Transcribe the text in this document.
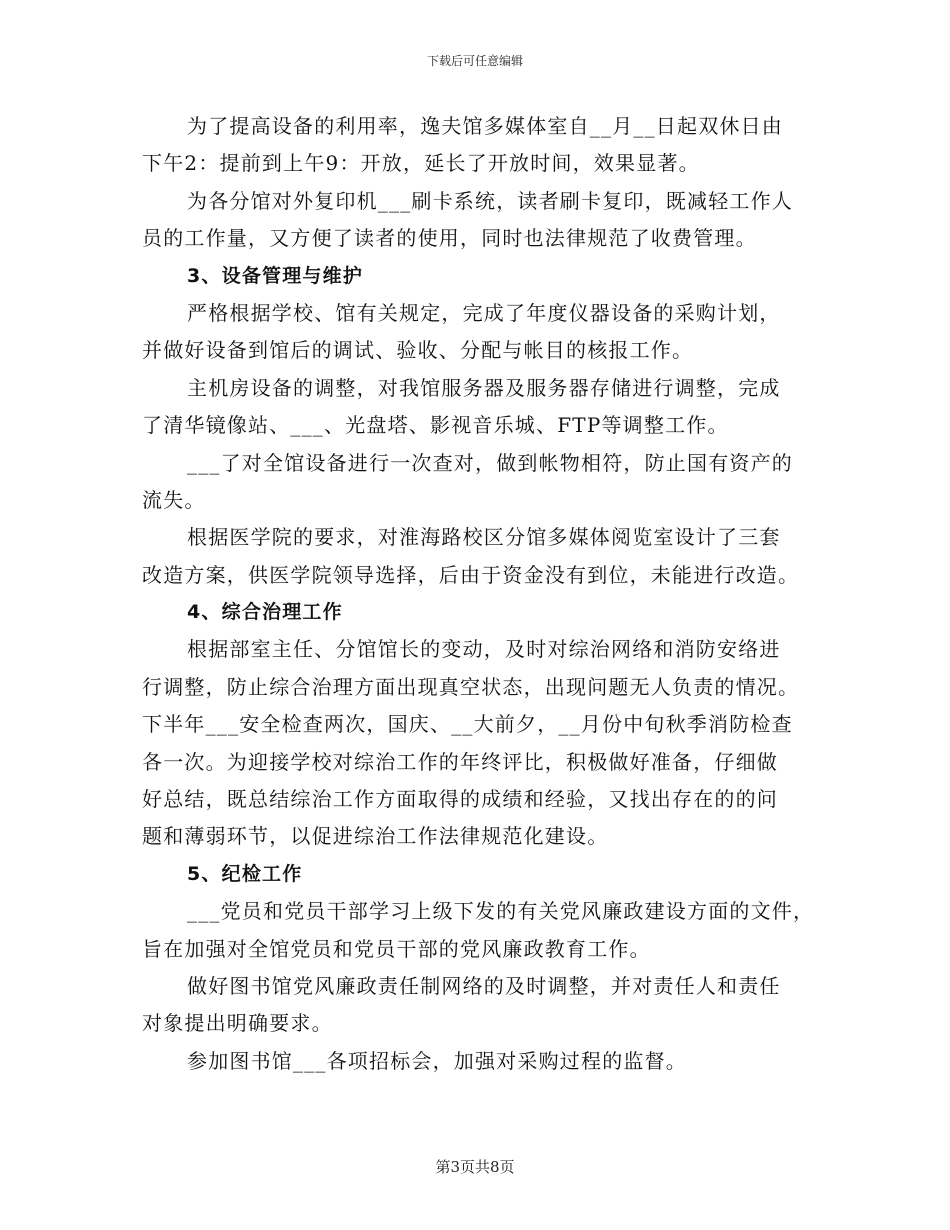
下载后可任意编辑
为了提高设备的利用率，逸夫馆多媒体室自__月__日起双休日由
下午2：提前到上午9：开放，延长了开放时间，效果显著。
为各分馆对外复印机___刷卡系统，读者刷卡复印，既减轻工作人
员的工作量，又方便了读者的使用，同时也法律规范了收费管理。
3、设备管理与维护
严格根据学校、馆有关规定，完成了年度仪器设备的采购计划，
并做好设备到馆后的调试、验收、分配与帐目的核报工作。
主机房设备的调整，对我馆服务器及服务器存储进行调整，完成
了清华镜像站、___、光盘塔、影视音乐城、FTP等调整工作。
___了对全馆设备进行一次查对，做到帐物相符，防止国有资产的
流失。
根据医学院的要求，对淮海路校区分馆多媒体阅览室设计了三套
改造方案，供医学院领导选择，后由于资金没有到位，未能进行改造。
4、综合治理工作
根据部室主任、分馆馆长的变动，及时对综治网络和消防安络进
行调整，防止综合治理方面出现真空状态，出现问题无人负责的情况。
下半年___安全检查两次，国庆、__大前夕，__月份中旬秋季消防检查
各一次。为迎接学校对综治工作的年终评比，积极做好准备，仔细做
好总结，既总结综治工作方面取得的成绩和经验，又找出存在的的问
题和薄弱环节，以促进综治工作法律规范化建设。
5、纪检工作
___党员和党员干部学习上级下发的有关党风廉政建设方面的文件，
旨在加强对全馆党员和党员干部的党风廉政教育工作。
做好图书馆党风廉政责任制网络的及时调整，并对责任人和责任
对象提出明确要求。
参加图书馆___各项招标会，加强对采购过程的监督。
第3页共8页
